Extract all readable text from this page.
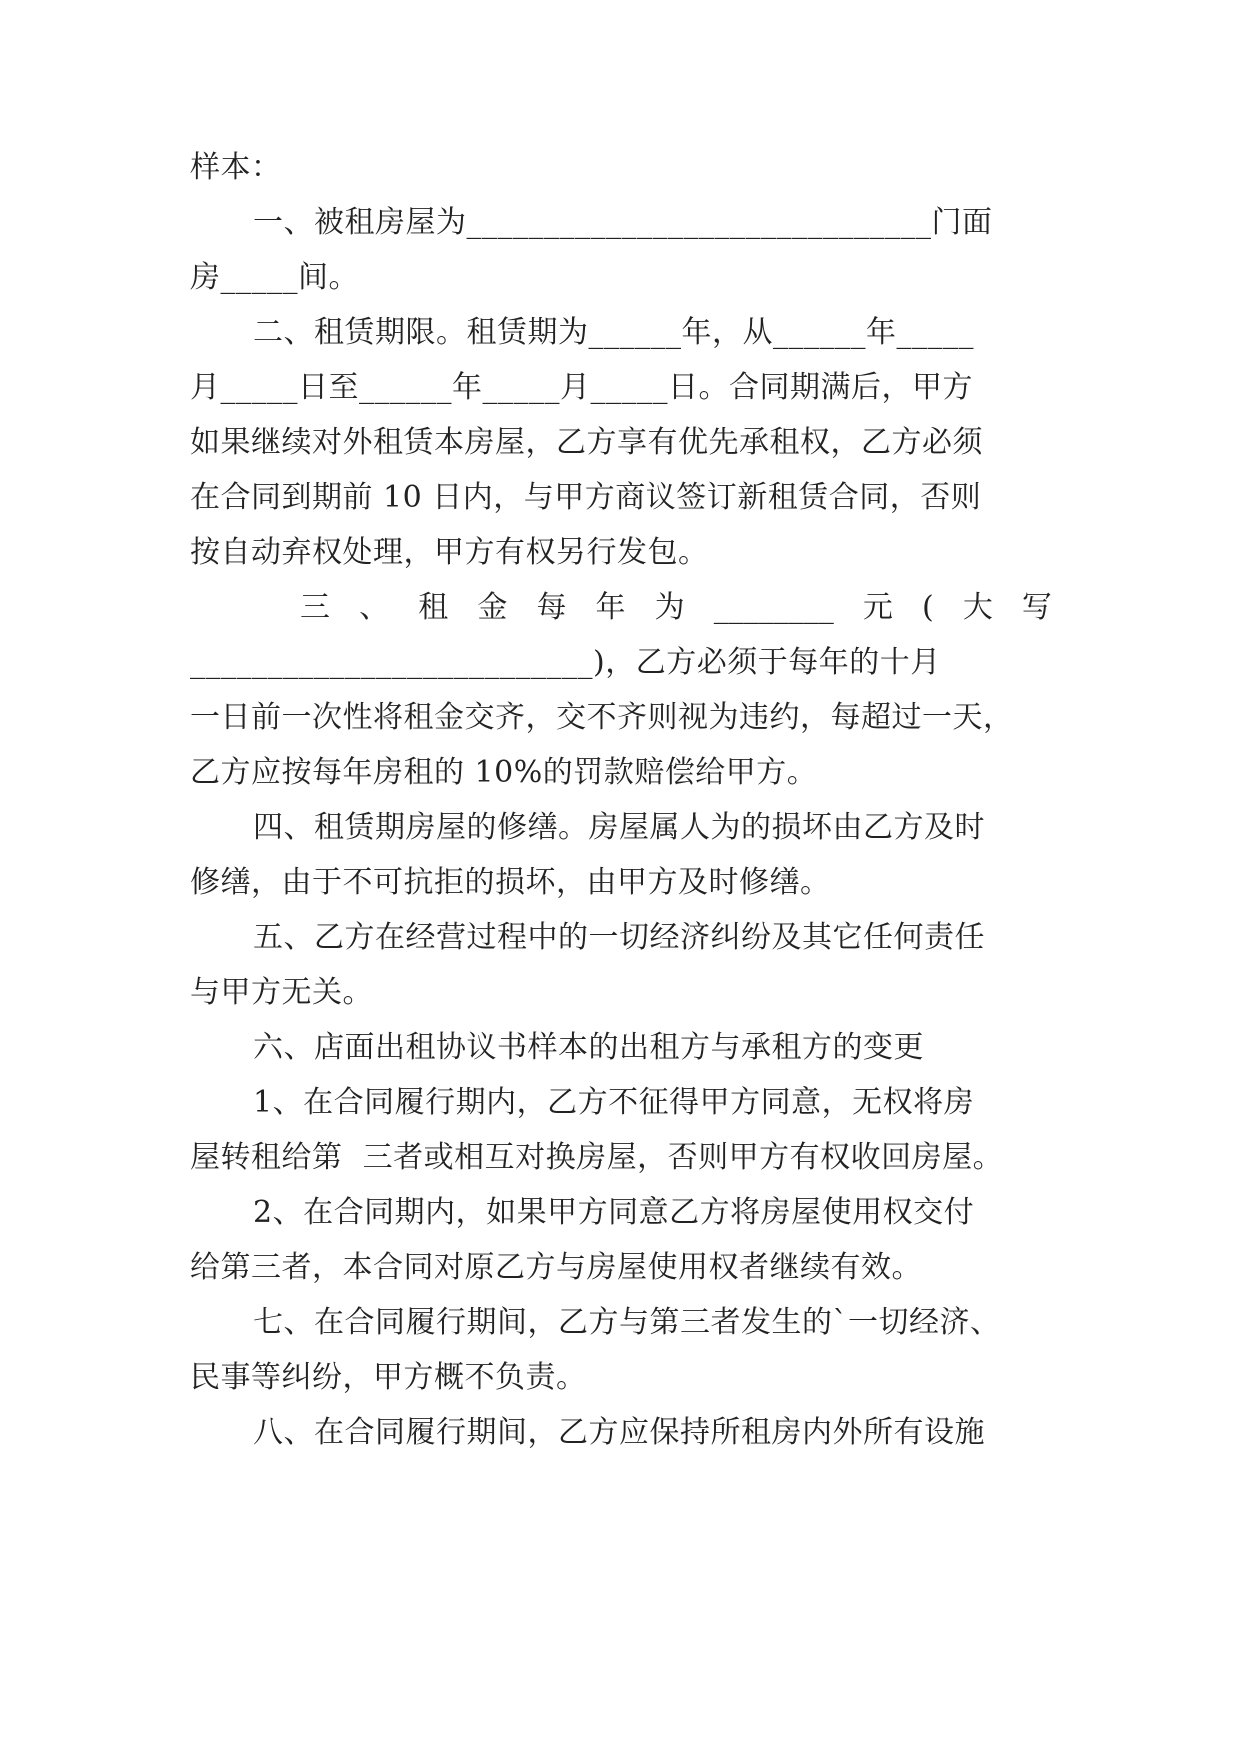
样本：
一、被租房屋为______________________________门面
房_____间。
二、租赁期限。租赁期为______年，从______年_____
月_____日至______年_____月_____日。合同期满后，甲方
如果继续对外租赁本房屋，乙方享有优先承租权，乙方必须
在合同到期前 10 日内，与甲方商议签订新租赁合同，否则
按自动弃权处理，甲方有权另行发包。
三 、 租 金 每 年 为 ________ 元 ( 大 写
__________________________)，乙方必须于每年的十月
一日前一次性将租金交齐，交不齐则视为违约，每超过一天，
乙方应按每年房租的 10%的罚款赔偿给甲方。
四、租赁期房屋的修缮。房屋属人为的损坏由乙方及时
修缮，由于不可抗拒的损坏，由甲方及时修缮。
五、乙方在经营过程中的一切经济纠纷及其它任何责任
与甲方无关。
六、店面出租协议书样本的出租方与承租方的变更
1、在合同履行期内，乙方不征得甲方同意，无权将房
屋转租给第  三者或相互对换房屋，否则甲方有权收回房屋。
2、在合同期内，如果甲方同意乙方将房屋使用权交付
给第三者，本合同对原乙方与房屋使用权者继续有效。
七、在合同履行期间，乙方与第三者发生的`一切经济、
民事等纠纷，甲方概不负责。
八、在合同履行期间，乙方应保持所租房内外所有设施
